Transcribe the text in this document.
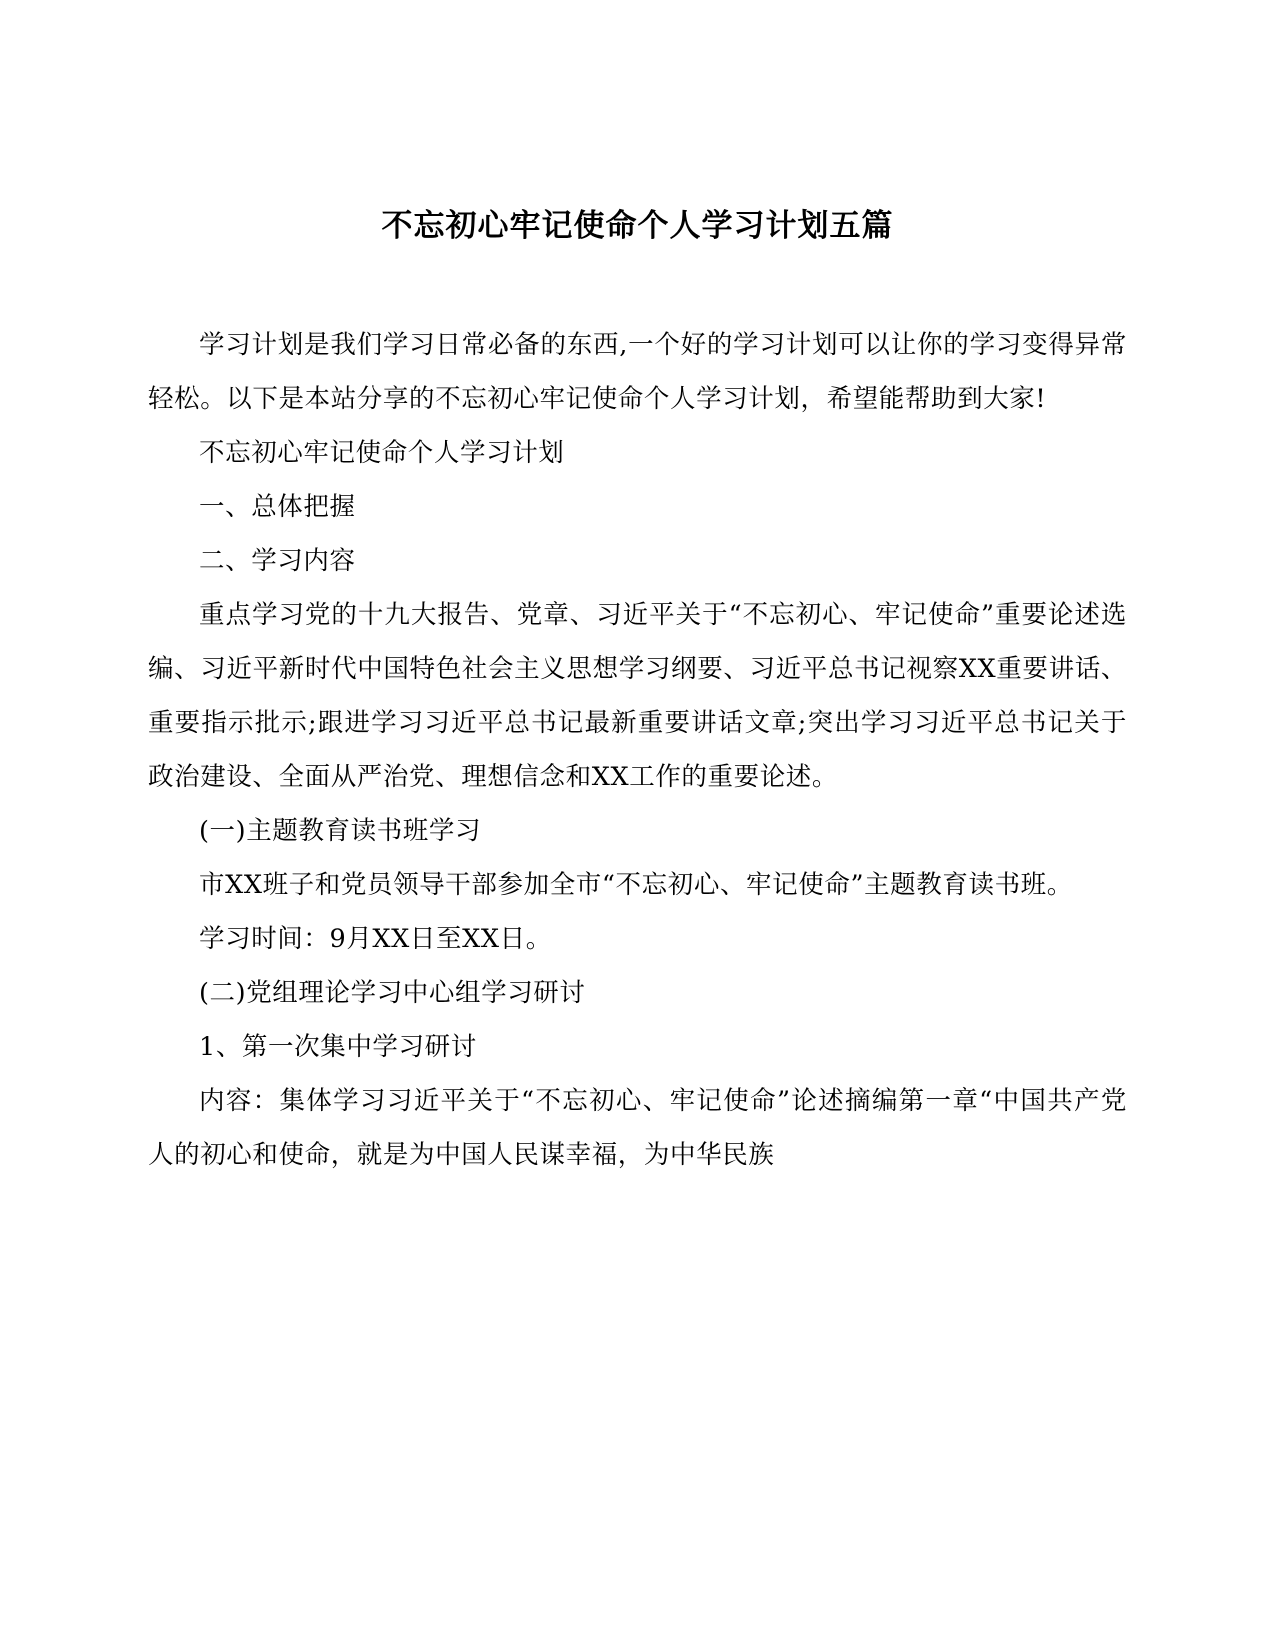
不忘初心牢记使命个人学习计划五篇

学习计划是我们学习日常必备的东西,一个好的学习计划可以让你的学习变得异常轻松。以下是本站分享的不忘初心牢记使命个人学习计划，希望能帮助到大家!

不忘初心牢记使命个人学习计划

一、总体把握

二、学习内容

重点学习党的十九大报告、党章、习近平关于“不忘初心、牢记使命”重要论述选编、习近平新时代中国特色社会主义思想学习纲要、习近平总书记视察XX重要讲话、重要指示批示;跟进学习习近平总书记最新重要讲话文章;突出学习习近平总书记关于政治建设、全面从严治党、理想信念和XX工作的重要论述。

(一)主题教育读书班学习

市XX班子和党员领导干部参加全市“不忘初心、牢记使命”主题教育读书班。

学习时间：9月XX日至XX日。

(二)党组理论学习中心组学习研讨

1、第一次集中学习研讨

内容：集体学习习近平关于“不忘初心、牢记使命”论述摘编第一章“中国共产党人的初心和使命，就是为中国人民谋幸福，为中华民族
